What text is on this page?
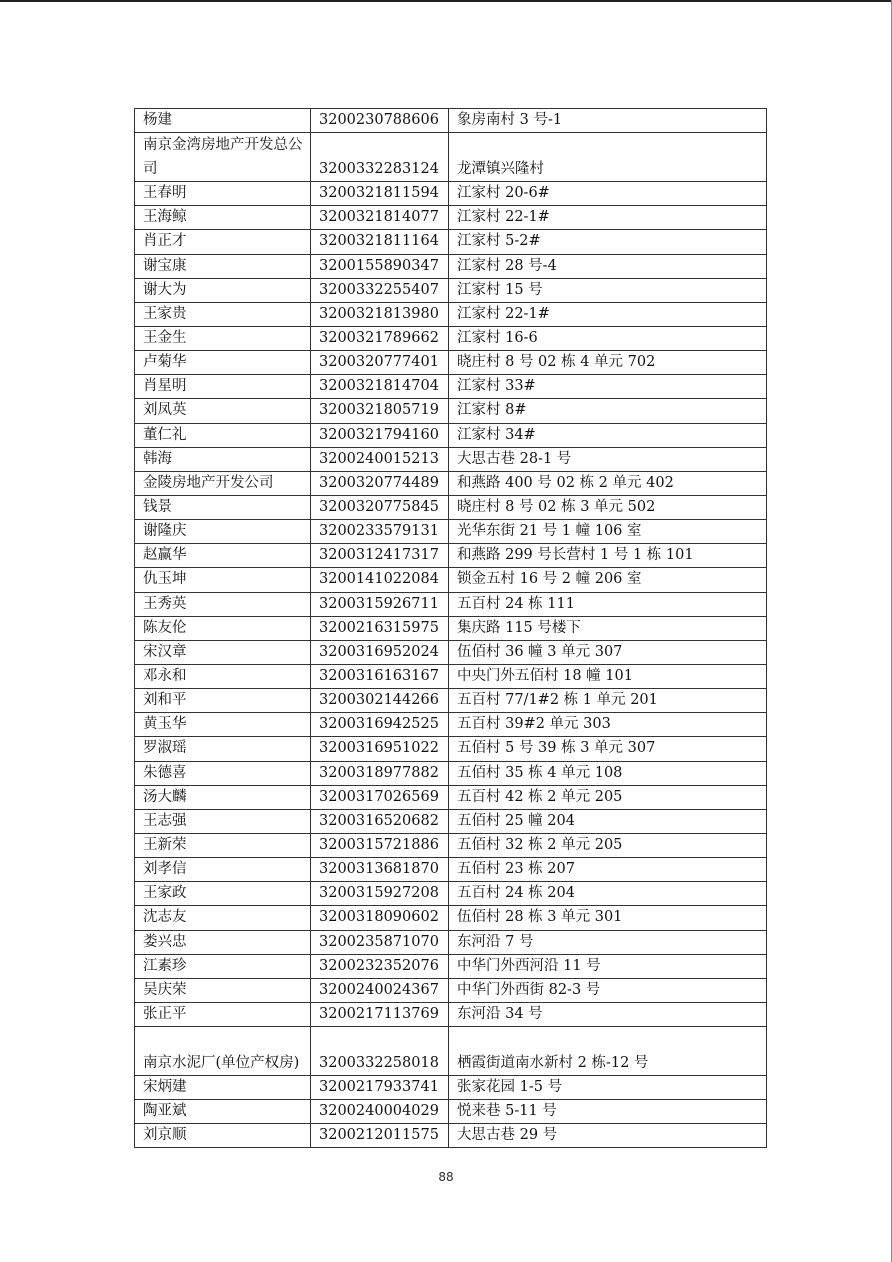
杨建	3200230788606	象房南村 3 号-1
南京金湾房地产开发总公司	3200332283124	龙潭镇兴隆村
王春明	3200321811594	江家村 20-6#
王海鲸	3200321814077	江家村 22-1#
肖正才	3200321811164	江家村 5-2#
谢宝康	3200155890347	江家村 28 号-4
谢大为	3200332255407	江家村 15 号
王家贵	3200321813980	江家村 22-1#
王金生	3200321789662	江家村 16-6
卢菊华	3200320777401	晓庄村 8 号 02 栋 4 单元 702
肖星明	3200321814704	江家村 33#
刘凤英	3200321805719	江家村 8#
董仁礼	3200321794160	江家村 34#
韩海	3200240015213	大思古巷 28-1 号
金陵房地产开发公司	3200320774489	和燕路 400 号 02 栋 2 单元 402
钱景	3200320775845	晓庄村 8 号 02 栋 3 单元 502
谢隆庆	3200233579131	光华东街 21 号 1 幢 106 室
赵赢华	3200312417317	和燕路 299 号长营村 1 号 1 栋 101
仇玉坤	3200141022084	锁金五村 16 号 2 幢 206 室
王秀英	3200315926711	五百村 24 栋 111
陈友伦	3200216315975	集庆路 115 号楼下
宋汉章	3200316952024	伍佰村 36 幢 3 单元 307
邓永和	3200316163167	中央门外五佰村 18 幢 101
刘和平	3200302144266	五百村 77/1#2 栋 1 单元 201
黄玉华	3200316942525	五百村 39#2 单元 303
罗淑瑶	3200316951022	五佰村 5 号 39 栋 3 单元 307
朱德喜	3200318977882	五佰村 35 栋 4 单元 108
汤大麟	3200317026569	五百村 42 栋 2 单元 205
王志强	3200316520682	五佰村 25 幢 204
王新荣	3200315721886	五佰村 32 栋 2 单元 205
刘孝信	3200313681870	五佰村 23 栋 207
王家政	3200315927208	五百村 24 栋 204
沈志友	3200318090602	伍佰村 28 栋 3 单元 301
娄兴忠	3200235871070	东河沿 7 号
江素珍	3200232352076	中华门外西河沿 11 号
吴庆荣	3200240024367	中华门外西街 82-3 号
张正平	3200217113769	东河沿 34 号
南京水泥厂(单位产权房)	3200332258018	栖霞街道南水新村 2 栋-12 号
宋炳建	3200217933741	张家花园 1-5 号
陶亚斌	3200240004029	悦来巷 5-11 号
刘京顺	3200212011575	大思古巷 29 号
88
